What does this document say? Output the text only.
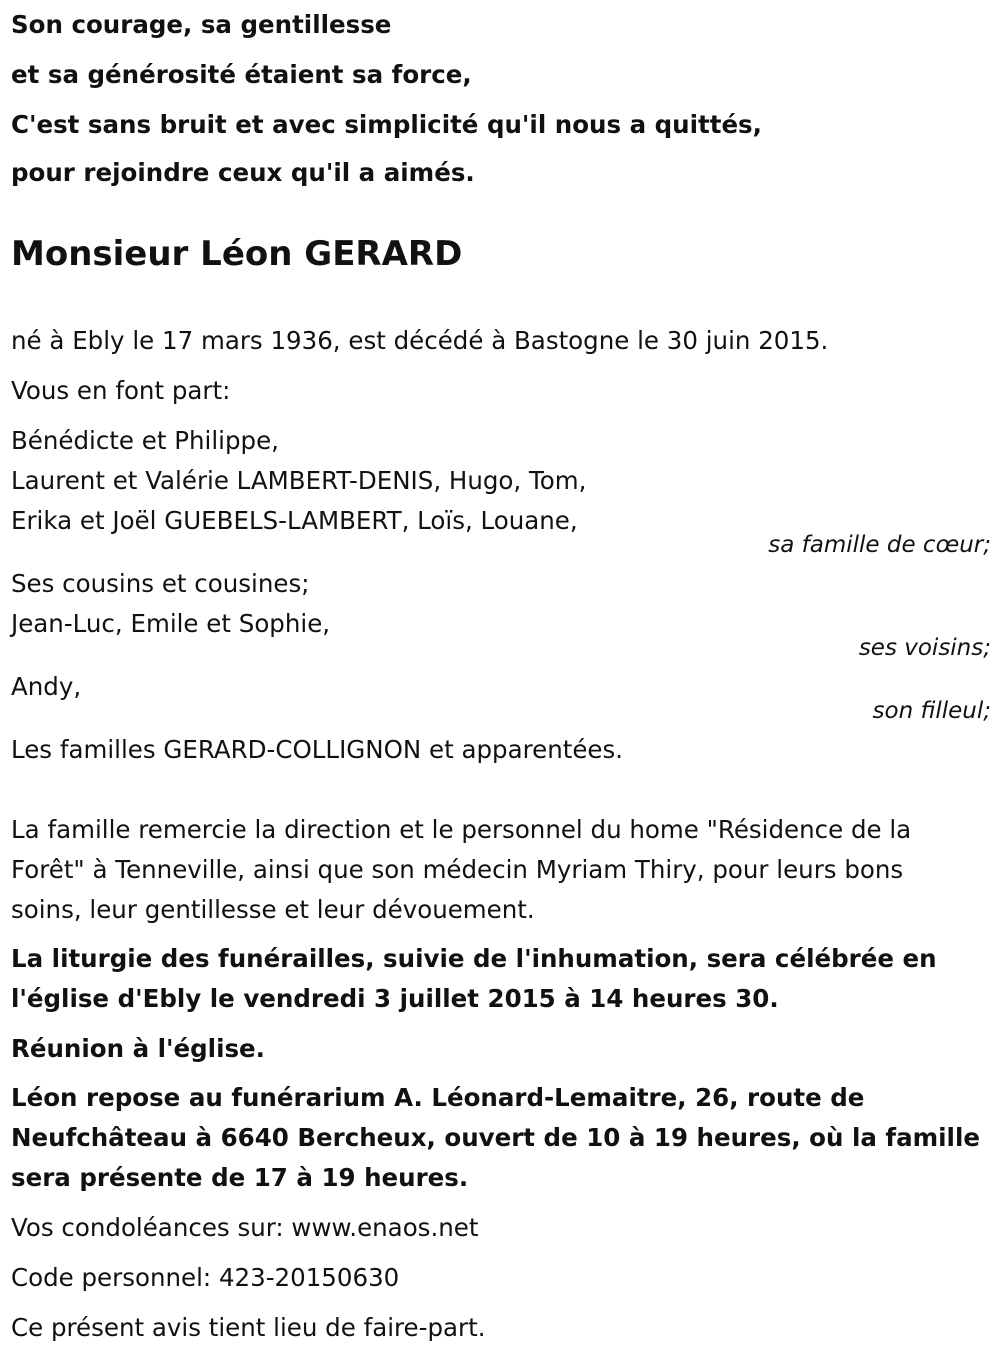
Son courage, sa gentillesse
et sa générosité étaient sa force,
C'est sans bruit et avec simplicité qu'il nous a quittés,
pour rejoindre ceux qu'il a aimés.
Monsieur Léon GERARD
né à Ebly le 17 mars 1936, est décédé à Bastogne le 30 juin 2015.
Vous en font part:
Bénédicte et Philippe,
Laurent et Valérie LAMBERT-DENIS, Hugo, Tom,
Erika et Joël GUEBELS-LAMBERT, Loïs, Louane,
sa famille de cœur;
Ses cousins et cousines;
Jean-Luc, Emile et Sophie,
ses voisins;
Andy,
son filleul;
Les familles GERARD-COLLIGNON et apparentées.
La famille remercie la direction et le personnel du home "Résidence de la
Forêt" à Tenneville, ainsi que son médecin Myriam Thiry, pour leurs bons
soins, leur gentillesse et leur dévouement.
La liturgie des funérailles, suivie de l'inhumation, sera célébrée en
l'église d'Ebly le vendredi 3 juillet 2015 à 14 heures 30.
Réunion à l'église.
Léon repose au funérarium A. Léonard-Lemaitre, 26, route de
Neufchâteau à 6640 Bercheux, ouvert de 10 à 19 heures, où la famille
sera présente de 17 à 19 heures.
Vos condoléances sur: www.enaos.net
Code personnel: 423-20150630
Ce présent avis tient lieu de faire-part.
